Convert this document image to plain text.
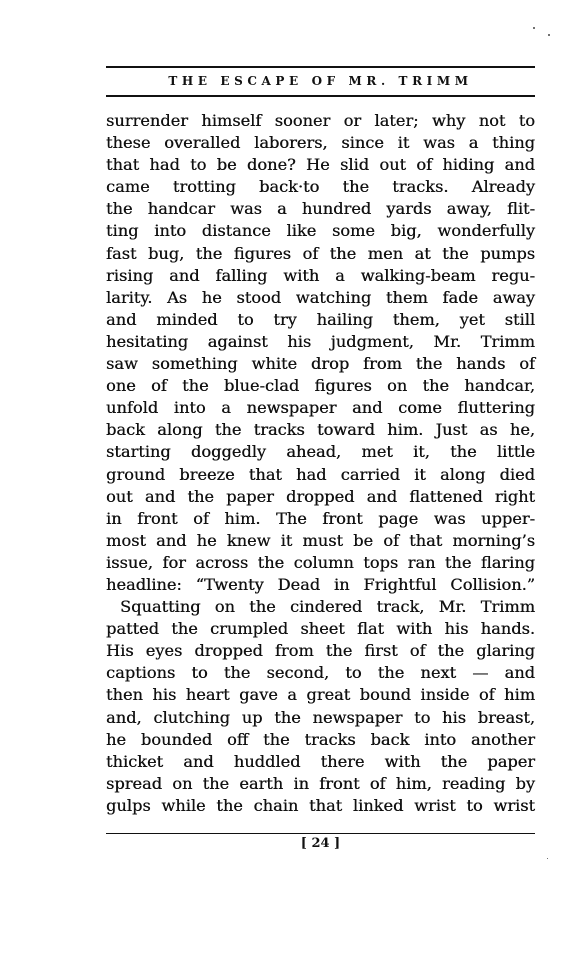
THE ESCAPE OF MR. TRIMM
surrender himself sooner or later; why not to
these overalled laborers, since it was a thing
that had to be done? He slid out of hiding and
came trotting back·to the tracks. Already
the handcar was a hundred yards away, flit-
ting into distance like some big, wonderfully
fast bug, the figures of the men at the pumps
rising and falling with a walking-beam regu-
larity. As he stood watching them fade away
and minded to try hailing them, yet still
hesitating against his judgment, Mr. Trimm
saw something white drop from the hands of
one of the blue-clad figures on the handcar,
unfold into a newspaper and come fluttering
back along the tracks toward him. Just as he,
starting doggedly ahead, met it, the little
ground breeze that had carried it along died
out and the paper dropped and flattened right
in front of him. The front page was upper-
most and he knew it must be of that morning’s
issue, for across the column tops ran the flaring
headline: “Twenty Dead in Frightful Collision.”
Squatting on the cindered track, Mr. Trimm
patted the crumpled sheet flat with his hands.
His eyes dropped from the first of the glaring
captions to the second, to the next — and
then his heart gave a great bound inside of him
and, clutching up the newspaper to his breast,
he bounded off the tracks back into another
thicket and huddled there with the paper
spread on the earth in front of him, reading by
gulps while the chain that linked wrist to wrist
[ 24 ]
